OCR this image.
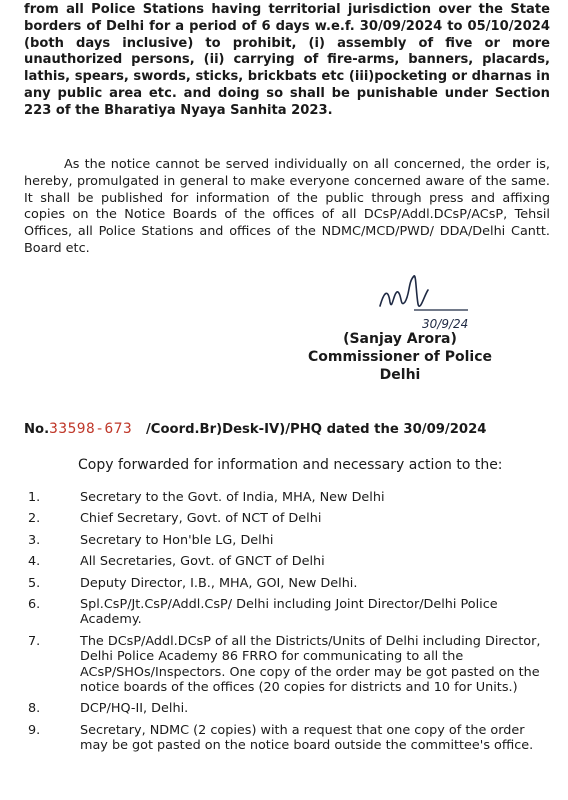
from all Police Stations having territorial jurisdiction over the State borders of Delhi for a period of 6 days w.e.f. 30/09/2024 to 05/10/2024 (both days inclusive) to prohibit, (i) assembly of five or more unauthorized persons, (ii) carrying of fire-arms, banners, placards, lathis, spears, swords, sticks, brickbats etc (iii)pocketing or dharnas in any public area etc. and doing so shall be punishable under Section 223 of the Bharatiya Nyaya Sanhita 2023.

As the notice cannot be served individually on all concerned, the order is, hereby, promulgated in general to make everyone concerned aware of the same. It shall be published for information of the public through press and affixing copies on the Notice Boards of the offices of all DCsP/Addl.DCsP/ACsP, Tehsil Offices, all Police Stations and offices of the NDMC/MCD/PWD/ DDA/Delhi Cantt. Board etc.

30/9/24
(Sanjay Arora)
Commissioner of Police
Delhi
No.33598-673 /Coord.Br)Desk-IV)/PHQ dated the 30/09/2024
Copy forwarded for information and necessary action to the:
1.	Secretary to the Govt. of India, MHA, New Delhi
2.	Chief Secretary, Govt. of NCT of Delhi
3.	Secretary to Hon'ble LG, Delhi
4.	All Secretaries, Govt. of GNCT of Delhi
5.	Deputy Director, I.B., MHA, GOI, New Delhi.
6.	Spl.CsP/Jt.CsP/Addl.CsP/ Delhi including Joint Director/Delhi Police Academy.
7.	The DCsP/Addl.DCsP of all the Districts/Units of Delhi including Director, Delhi Police Academy 86 FRRO for communicating to all the ACsP/SHOs/Inspectors. One copy of the order may be got pasted on the notice boards of the offices (20 copies for districts and 10 for Units.)
8.	DCP/HQ-II, Delhi.
9.	Secretary, NDMC (2 copies) with a request that one copy of the order may be got pasted on the notice board outside the committee's office.
